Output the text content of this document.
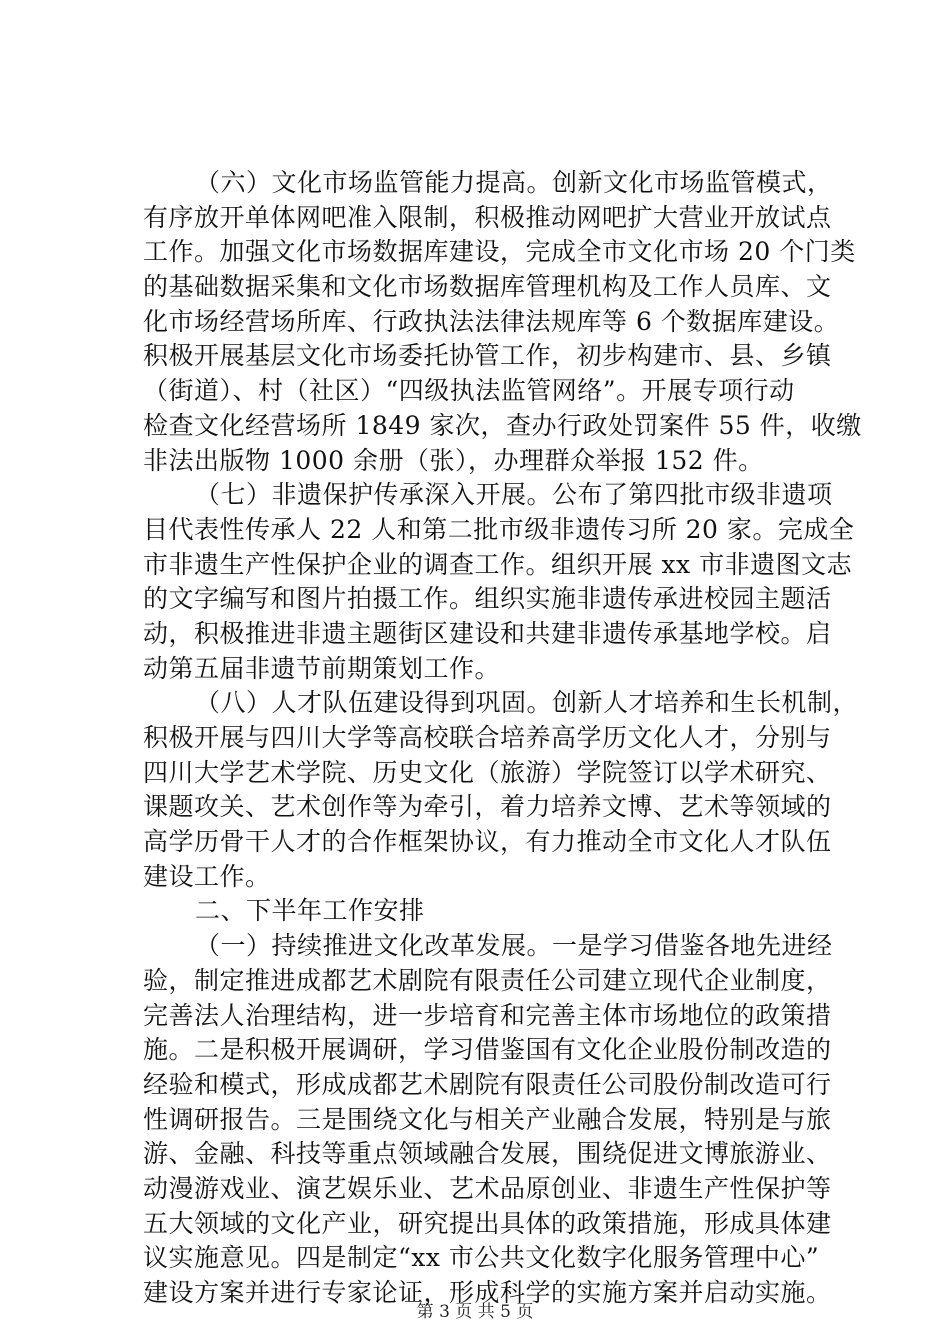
（六）文化市场监管能力提高。创新文化市场监管模式，
有序放开单体网吧准入限制，积极推动网吧扩大营业开放试点
工作。加强文化市场数据库建设，完成全市文化市场 20 个门类
的基础数据采集和文化市场数据库管理机构及工作人员库、文
化市场经营场所库、行政执法法律法规库等 6 个数据库建设。
积极开展基层文化市场委托协管工作，初步构建市、县、乡镇
（街道）、村（社区）“四级执法监管网络”。开展专项行动
检查文化经营场所 1849 家次，查办行政处罚案件 55 件，收缴
非法出版物 1000 余册（张），办理群众举报 152 件。
（七）非遗保护传承深入开展。公布了第四批市级非遗项
目代表性传承人 22 人和第二批市级非遗传习所 20 家。完成全
市非遗生产性保护企业的调查工作。组织开展 xx 市非遗图文志
的文字编写和图片拍摄工作。组织实施非遗传承进校园主题活
动，积极推进非遗主题街区建设和共建非遗传承基地学校。启
动第五届非遗节前期策划工作。
（八）人才队伍建设得到巩固。创新人才培养和生长机制，
积极开展与四川大学等高校联合培养高学历文化人才，分别与
四川大学艺术学院、历史文化（旅游）学院签订以学术研究、
课题攻关、艺术创作等为牵引，着力培养文博、艺术等领域的
高学历骨干人才的合作框架协议，有力推动全市文化人才队伍
建设工作。
二、下半年工作安排
（一）持续推进文化改革发展。一是学习借鉴各地先进经
验，制定推进成都艺术剧院有限责任公司建立现代企业制度，
完善法人治理结构，进一步培育和完善主体市场地位的政策措
施。二是积极开展调研，学习借鉴国有文化企业股份制改造的
经验和模式，形成成都艺术剧院有限责任公司股份制改造可行
性调研报告。三是围绕文化与相关产业融合发展，特别是与旅
游、金融、科技等重点领域融合发展，围绕促进文博旅游业、
动漫游戏业、演艺娱乐业、艺术品原创业、非遗生产性保护等
五大领域的文化产业，研究提出具体的政策措施，形成具体建
议实施意见。四是制定“xx 市公共文化数字化服务管理中心”
建设方案并进行专家论证，形成科学的实施方案并启动实施。
第 3 页 共 5 页
